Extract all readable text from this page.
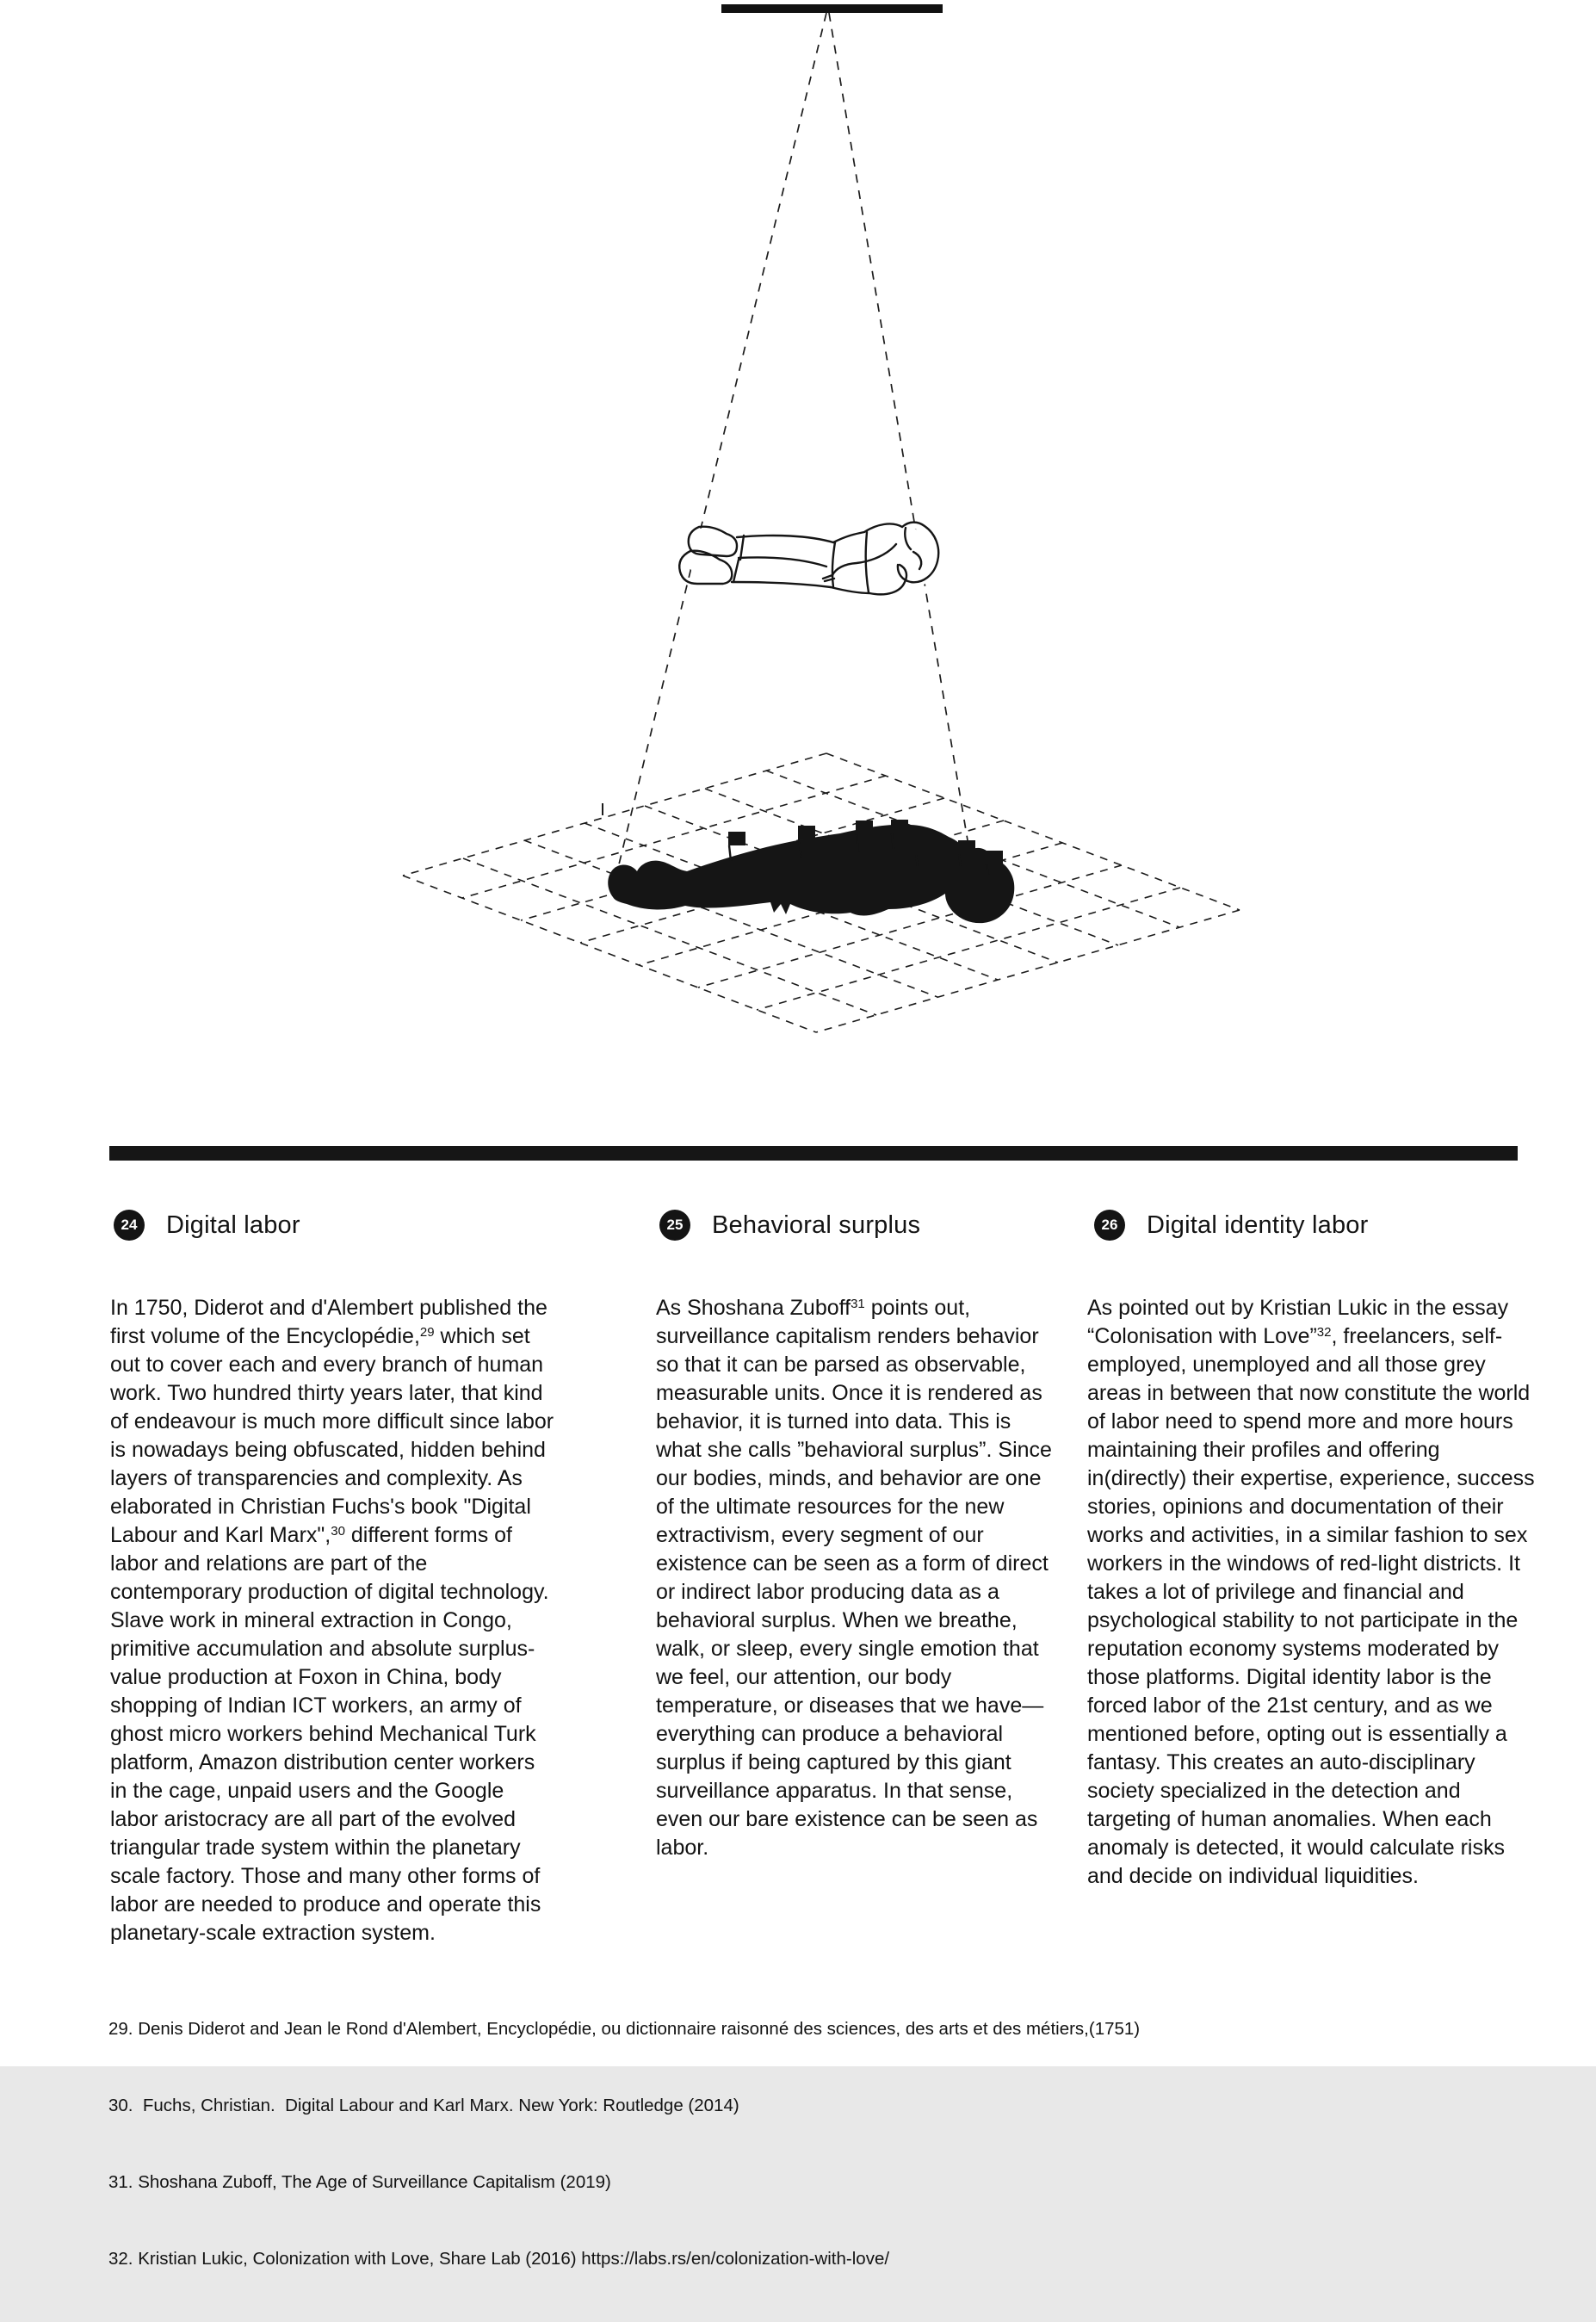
24 Digital labor	25 Behavioral surplus	26 Digital identity labor
In 1750, Diderot and d'Alembert published the first volume of the Encyclopédie,$^{29}$ which set out to cover each and every branch of human work. Two hundred thirty years later, that kind of endeavour is much more difficult since labor is nowadays being obfuscated, hidden behind layers of transparencies and complexity. As elaborated in Christian Fuchs's book "Digital Labour and Karl Marx",$^{30}$ different forms of labor and relations are part of the contemporary production of digital technology. Slave work in mineral extraction in Congo, primitive accumulation and absolute surplus-value production at Foxon in China, body shopping of Indian ICT workers, an army of ghost micro workers behind Mechanical Turk platform, Amazon distribution center workers in the cage, unpaid users and the Google labor aristocracy are all part of the evolved triangular trade system within the planetary scale factory. Those and many other forms of labor are needed to produce and operate this planetary-scale extraction system.
As Shoshana Zuboff$^{31}$ points out, surveillance capitalism renders behavior so that it can be parsed as observable, measurable units. Once it is rendered as behavior, it is turned into data. This is what she calls ”behavioral surplus”. Since our bodies, minds, and behavior are one of the ultimate resources for the new extractivism, every segment of our existence can be seen as a form of direct or indirect labor producing data as a behavioral surplus. When we breathe, walk, or sleep, every single emotion that we feel, our attention, our body temperature, or diseases that we have—everything can produce a behavioral surplus if being captured by this giant surveillance apparatus. In that sense, even our bare existence can be seen as labor.
As pointed out by Kristian Lukic in the essay “Colonisation with Love”$^{32}$, freelancers, self-employed, unemployed and all those grey areas in between that now constitute the world of labor need to spend more and more hours maintaining their profiles and offering in(directly) their expertise, experience, success stories, opinions and documentation of their works and activities, in a similar fashion to sex workers in the windows of red-light districts. It takes a lot of privilege and financial and psychological stability to not participate in the reputation economy systems moderated by those platforms. Digital identity labor is the forced labor of the 21st century, and as we mentioned before, opting out is essentially a fantasy. This creates an auto-disciplinary society specialized in the detection and targeting of human anomalies. When each anomaly is detected, it would calculate risks and decide on individual liquidities.

29. Denis Diderot and Jean le Rond d'Alembert, Encyclopédie, ou dictionnaire raisonné des sciences, des arts et des métiers,(1751)

30.  Fuchs, Christian.  Digital Labour and Karl Marx. New York: Routledge (2014)

31. Shoshana Zuboff, The Age of Surveillance Capitalism (2019)

32. Kristian Lukic, Colonization with Love, Share Lab (2016) https://labs.rs/en/colonization-with-love/
